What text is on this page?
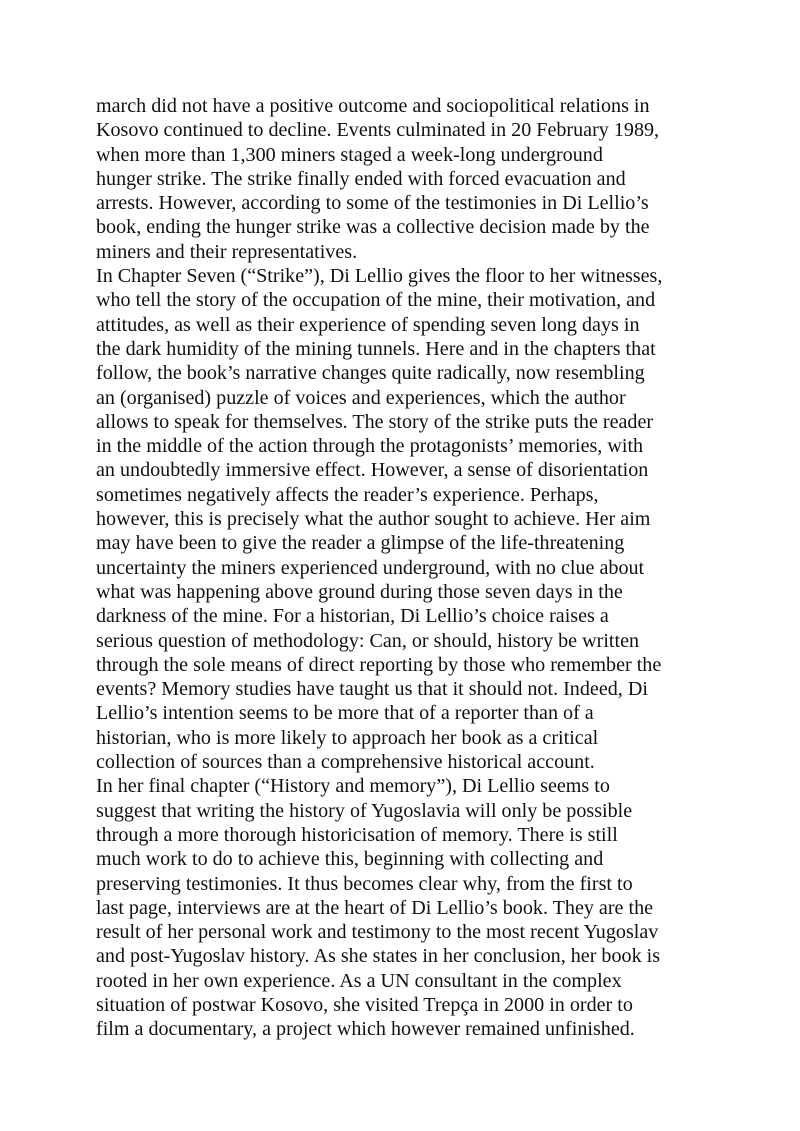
march did not have a positive outcome and sociopolitical relations in
Kosovo continued to decline. Events culminated in 20 February 1989,
when more than 1,300 miners staged a week-long underground
hunger strike. The strike finally ended with forced evacuation and
arrests. However, according to some of the testimonies in Di Lellio’s
book, ending the hunger strike was a collective decision made by the
miners and their representatives.
In Chapter Seven (“Strike”), Di Lellio gives the floor to her witnesses,
who tell the story of the occupation of the mine, their motivation, and
attitudes, as well as their experience of spending seven long days in
the dark humidity of the mining tunnels. Here and in the chapters that
follow, the book’s narrative changes quite radically, now resembling
an (organised) puzzle of voices and experiences, which the author
allows to speak for themselves. The story of the strike puts the reader
in the middle of the action through the protagonists’ memories, with
an undoubtedly immersive effect. However, a sense of disorientation
sometimes negatively affects the reader’s experience. Perhaps,
however, this is precisely what the author sought to achieve. Her aim
may have been to give the reader a glimpse of the life-threatening
uncertainty the miners experienced underground, with no clue about
what was happening above ground during those seven days in the
darkness of the mine. For a historian, Di Lellio’s choice raises a
serious question of methodology: Can, or should, history be written
through the sole means of direct reporting by those who remember the
events? Memory studies have taught us that it should not. Indeed, Di
Lellio’s intention seems to be more that of a reporter than of a
historian, who is more likely to approach her book as a critical
collection of sources than a comprehensive historical account.
In her final chapter (“History and memory”), Di Lellio seems to
suggest that writing the history of Yugoslavia will only be possible
through a more thorough historicisation of memory. There is still
much work to do to achieve this, beginning with collecting and
preserving testimonies. It thus becomes clear why, from the first to
last page, interviews are at the heart of Di Lellio’s book. They are the
result of her personal work and testimony to the most recent Yugoslav
and post-Yugoslav history. As she states in her conclusion, her book is
rooted in her own experience. As a UN consultant in the complex
situation of postwar Kosovo, she visited Trepça in 2000 in order to
film a documentary, a project which however remained unfinished.
